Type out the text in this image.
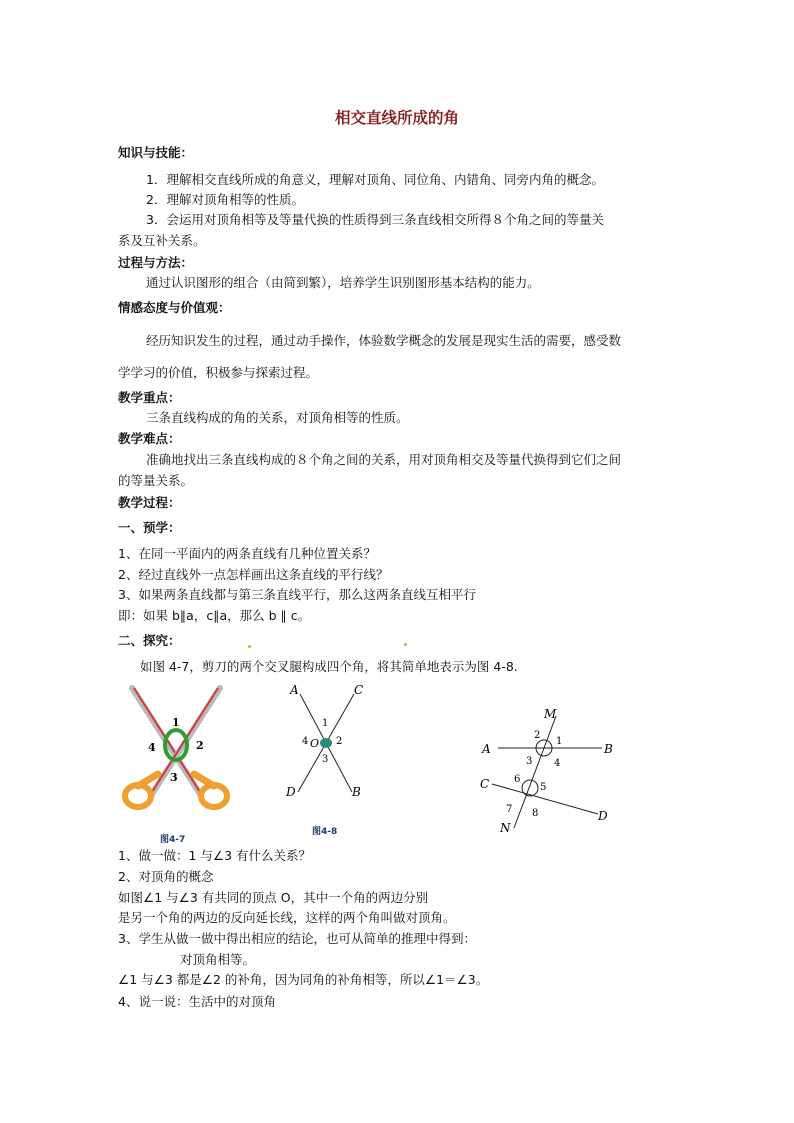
相交直线所成的角
知识与技能：
1．理解相交直线所成的角意义，理解对顶角、同位角、内错角、同旁内角的概念。
2．理解对顶角相等的性质。
3．会运用对顶角相等及等量代换的性质得到三条直线相交所得８个角之间的等量关
系及互补关系。
过程与方法：
通过认识图形的组合（由简到繁），培养学生识别图形基本结构的能力。
情感态度与价值观：
经历知识发生的过程，通过动手操作，体验数学概念的发展是现实生活的需要，感受数
学学习的价值，积极参与探索过程。
教学重点：
三条直线构成的角的关系，对顶角相等的性质。
教学难点：
准确地找出三条直线构成的８个角之间的关系，用对顶角相交及等量代换得到它们之间
的等量关系。
教学过程：
一、预学：
1、在同一平面内的两条直线有几种位置关系？
2、经过直线外一点怎样画出这条直线的平行线？
3、如果两条直线都与第三条直线平行，那么这两条直线互相平行
即：如果 b∥a，c∥a，那么 b ∥ c。
二、探究：
如图 4-7，剪刀的两个交叉腿构成四个角，将其简单地表示为图 4-8.
1
2
3
4
图4-7
A	C
D	B
O
1
2
3
4
图4-8
M
A	B
C
D
N
1
2
3 4
5
6
7 8
1、做一做：1 与∠3 有什么关系？
2、对顶角的概念
如图∠1 与∠3 有共同的顶点 O，其中一个角的两边分别
是另一个角的两边的反向延长线，这样的两个角叫做对顶角。
3、学生从做一做中得出相应的结论，也可从简单的推理中得到：
对顶角相等。
∠1 与∠3 都是∠2 的补角，因为同角的补角相等，所以∠1＝∠3。
4、说一说：生活中的对顶角
